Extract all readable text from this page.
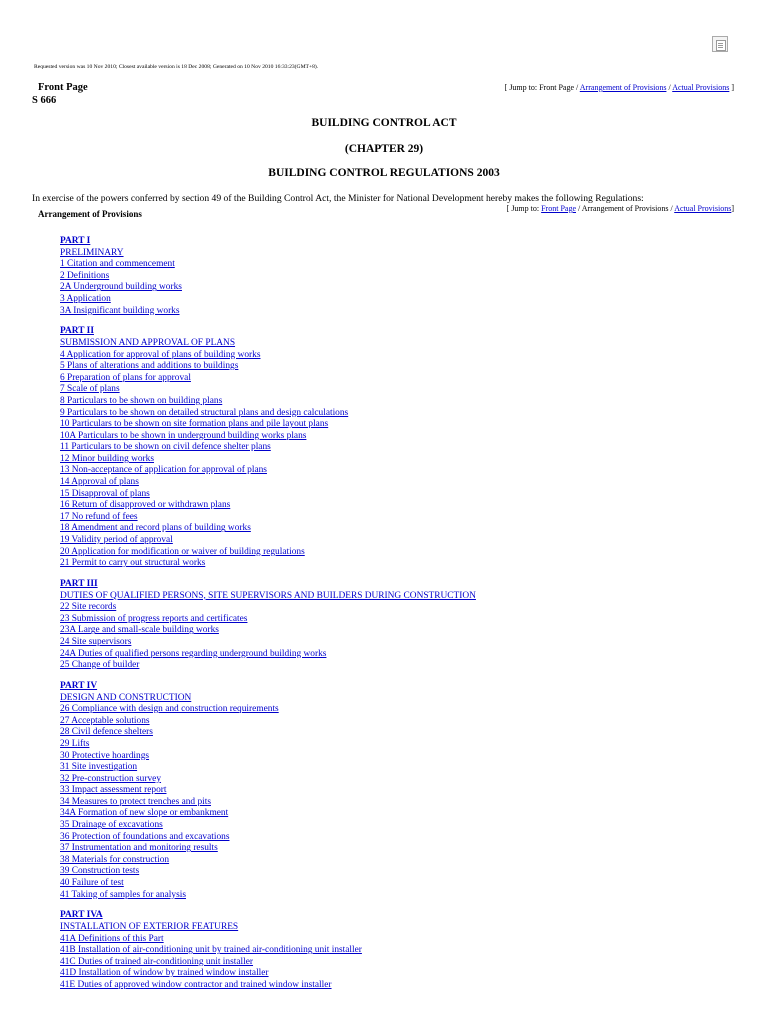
Requested version was 10 Nov 2010; Closest available version is 18 Dec 2008; Generated on 10 Nov 2010 16:33:23(GMT+8).
Front Page
S 666
[ Jump to: Front Page / Arrangement of Provisions / Actual Provisions ]
BUILDING CONTROL ACT
(CHAPTER 29)
BUILDING CONTROL REGULATIONS 2003
In exercise of the powers conferred by section 49 of the Building Control Act, the Minister for National Development hereby makes the following Regulations:
Arrangement of Provisions
[ Jump to: Front Page / Arrangement of Provisions / Actual Provisions]
PART I
PRELIMINARY
1 Citation and commencement
2 Definitions
2A Underground building works
3 Application
3A Insignificant building works
PART II
SUBMISSION AND APPROVAL OF PLANS
4 Application for approval of plans of building works
5 Plans of alterations and additions to buildings
6 Preparation of plans for approval
7 Scale of plans
8 Particulars to be shown on building plans
9 Particulars to be shown on detailed structural plans and design calculations
10 Particulars to be shown on site formation plans and pile layout plans
10A Particulars to be shown in underground building works plans
11 Particulars to be shown on civil defence shelter plans
12 Minor building works
13 Non-acceptance of application for approval of plans
14 Approval of plans
15 Disapproval of plans
16 Return of disapproved or withdrawn plans
17 No refund of fees
18 Amendment and record plans of building works
19 Validity period of approval
20 Application for modification or waiver of building regulations
21 Permit to carry out structural works
PART III
DUTIES OF QUALIFIED PERSONS, SITE SUPERVISORS AND BUILDERS DURING CONSTRUCTION
22 Site records
23 Submission of progress reports and certificates
23A Large and small-scale building works
24 Site supervisors
24A Duties of qualified persons regarding underground building works
25 Change of builder
PART IV
DESIGN AND CONSTRUCTION
26 Compliance with design and construction requirements
27 Acceptable solutions
28 Civil defence shelters
29 Lifts
30 Protective hoardings
31 Site investigation
32 Pre-construction survey
33 Impact assessment report
34 Measures to protect trenches and pits
34A Formation of new slope or embankment
35 Drainage of excavations
36 Protection of foundations and excavations
37 Instrumentation and monitoring results
38 Materials for construction
39 Construction tests
40 Failure of test
41 Taking of samples for analysis
PART IVA
INSTALLATION OF EXTERIOR FEATURES
41A Definitions of this Part
41B Installation of air-conditioning unit by trained air-conditioning unit installer
41C Duties of trained air-conditioning unit installer
41D Installation of window by trained window installer
41E Duties of approved window contractor and trained window installer
